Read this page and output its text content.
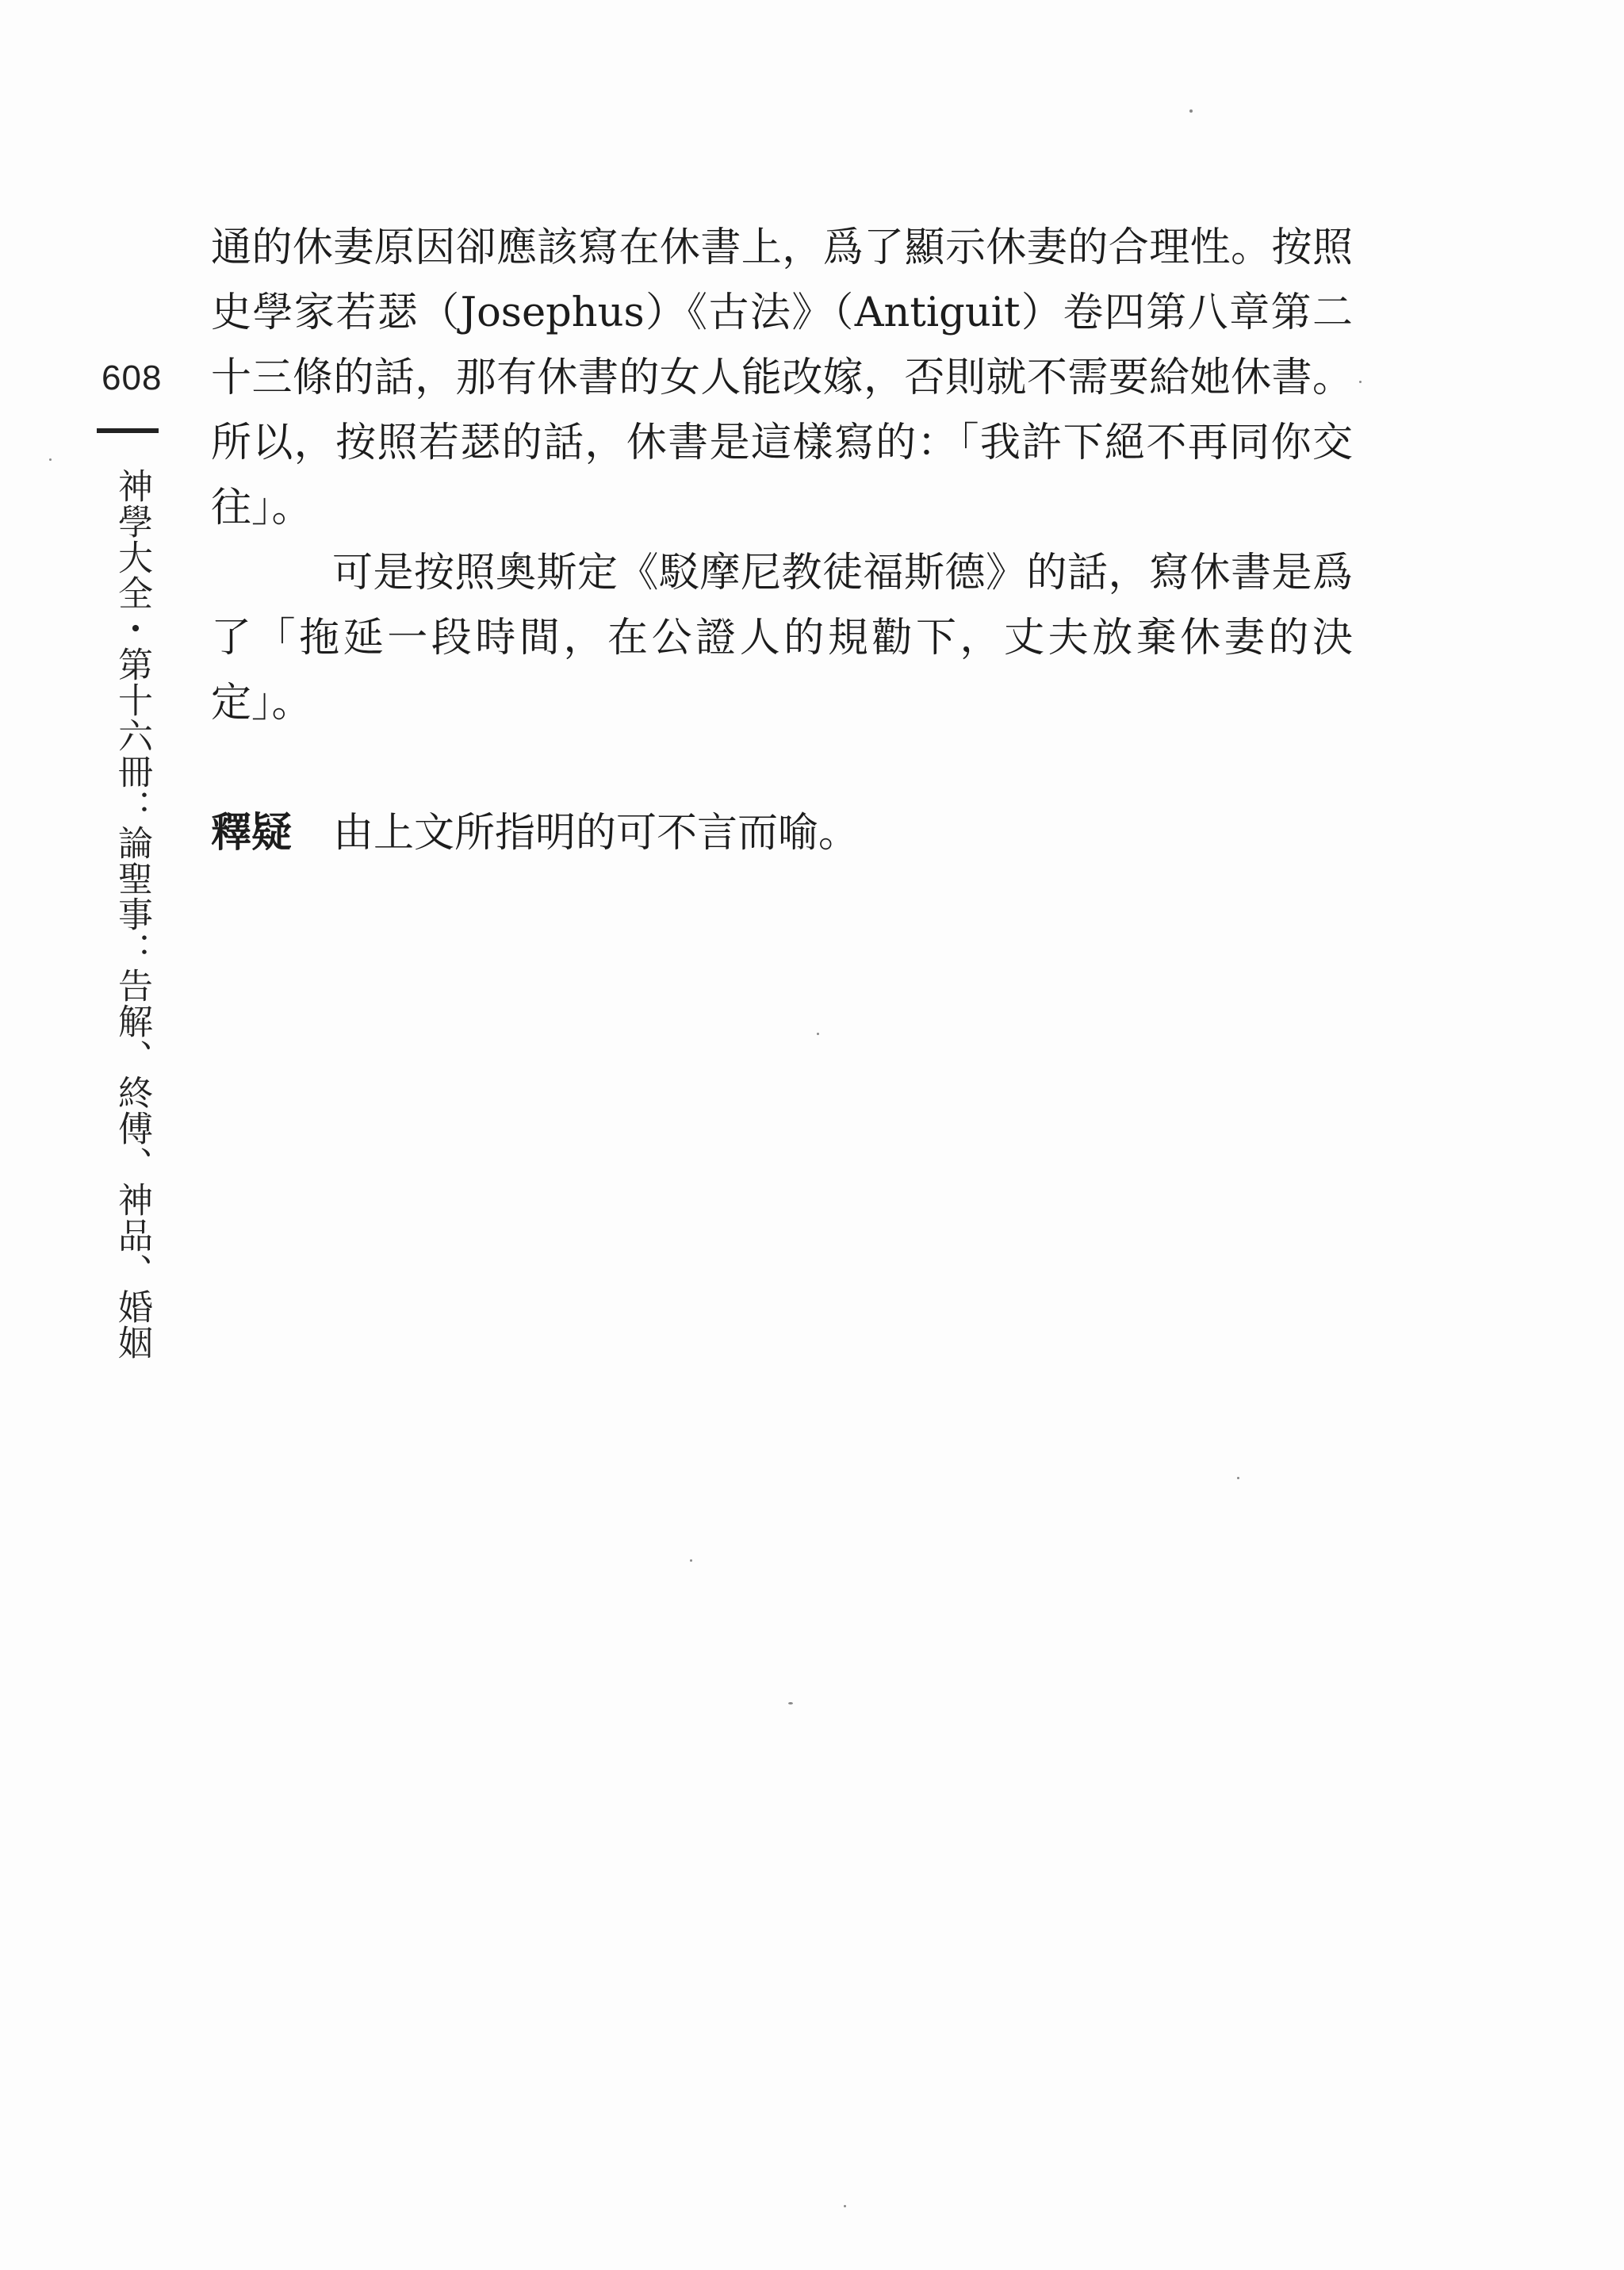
608
神學大全・第十六冊：論聖事：告解、終傅、神品、婚姻

通的休妻原因卻應該寫在休書上，爲了顯示休妻的合理性。按照史學家若瑟（Josephus）《古法》（Antiguit）卷四第八章第二十三條的話，那有休書的女人能改嫁，否則就不需要給她休書。所以，按照若瑟的話，休書是這樣寫的：「我許下絕不再同你交往」。

可是按照奧斯定《駁摩尼教徒福斯德》的話，寫休書是爲了「拖延一段時間，在公證人的規勸下，丈夫放棄休妻的決定」。

釋疑 由上文所指明的可不言而喻。
